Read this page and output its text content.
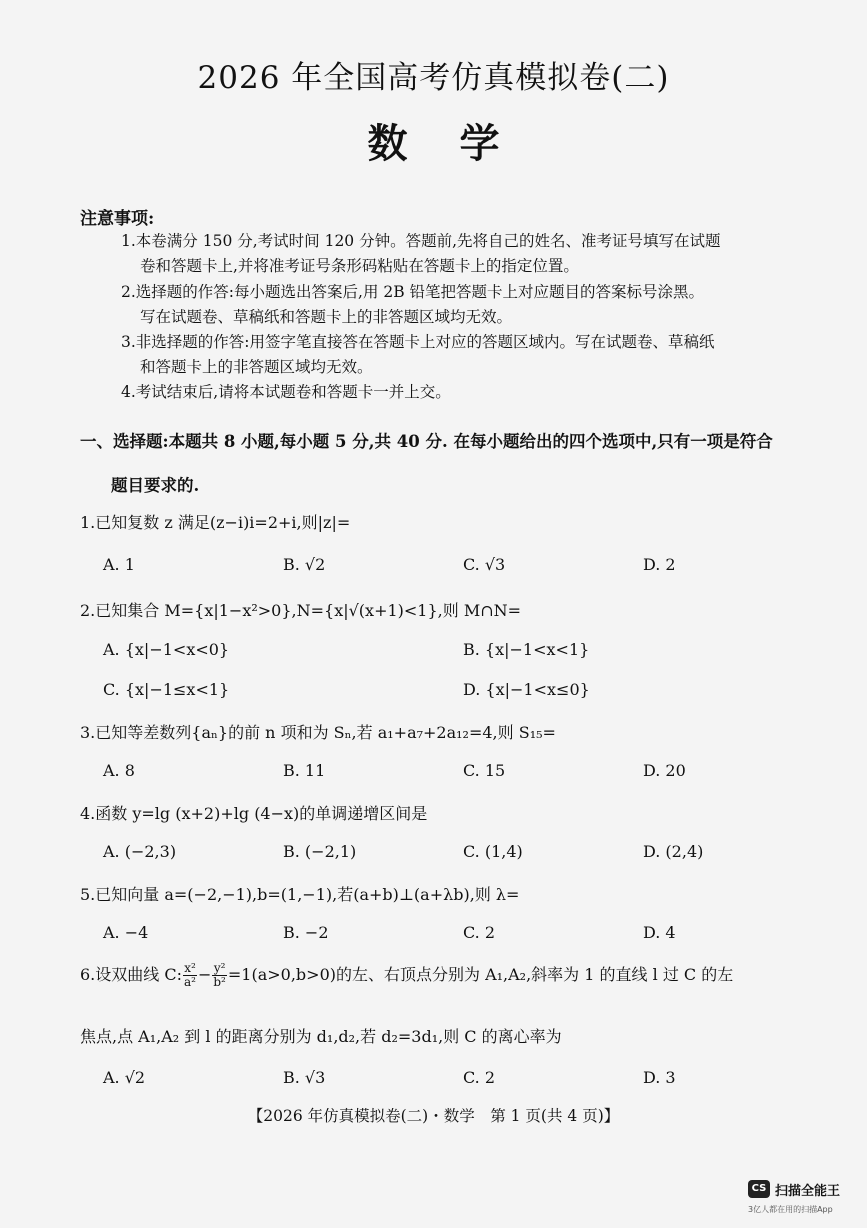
2026 年全国高考仿真模拟卷(二)
数学
注意事项:
1.本卷满分 150 分,考试时间 120 分钟。答题前,先将自己的姓名、准考证号填写在试题
卷和答题卡上,并将准考证号条形码粘贴在答题卡上的指定位置。
2.选择题的作答:每小题选出答案后,用 2B 铅笔把答题卡上对应题目的答案标号涂黑。
写在试题卷、草稿纸和答题卡上的非答题区域均无效。
3.非选择题的作答:用签字笔直接答在答题卡上对应的答题区域内。写在试题卷、草稿纸
和答题卡上的非答题区域均无效。
4.考试结束后,请将本试题卷和答题卡一并上交。
一、选择题:本题共 8 小题,每小题 5 分,共 40 分. 在每小题给出的四个选项中,只有一项是符合
题目要求的.
1.已知复数 z 满足(z−i)i=2+i,则|z|=
A. 1	B. √2	C. √3	D. 2
2.已知集合 M={x|1−x²>0},N={x|√(x+1)<1},则 M∩N=
A. {x|−1<x<0}	B. {x|−1<x<1}
C. {x|−1≤x<1}	D. {x|−1<x≤0}
3.已知等差数列{aₙ}的前 n 项和为 Sₙ,若 a₁+a₇+2a₁₂=4,则 S₁₅=
A. 8	B. 11	C. 15	D. 20
4.函数 y=lg (x+2)+lg (4−x)的单调递增区间是
A. (−2,3)	B. (−2,1)	C. (1,4)	D. (2,4)
5.已知向量 a=(−2,−1),b=(1,−1),若(a+b)⊥(a+λb),则 λ=
A. −4	B. −2	C. 2	D. 4
6.设双曲线 C: $\frac{\text{x²}}{\text{a²}} - \frac{\text{y²}}{\text{b²}} =1(a>0,b>0)$的左、右顶点分别为 A₁,A₂,斜率为 1 的直线 l 过 C 的左
焦点,点 A₁,A₂ 到 l 的距离分别为 d₁,d₂,若 d₂=3d₁,则 C 的离心率为
A. √2	B. √3	C. 2	D. 3
【2026 年仿真模拟卷(二)・数学　第 1 页(共 4 页)】
CS 扫描全能王
3亿人都在用的扫描App
